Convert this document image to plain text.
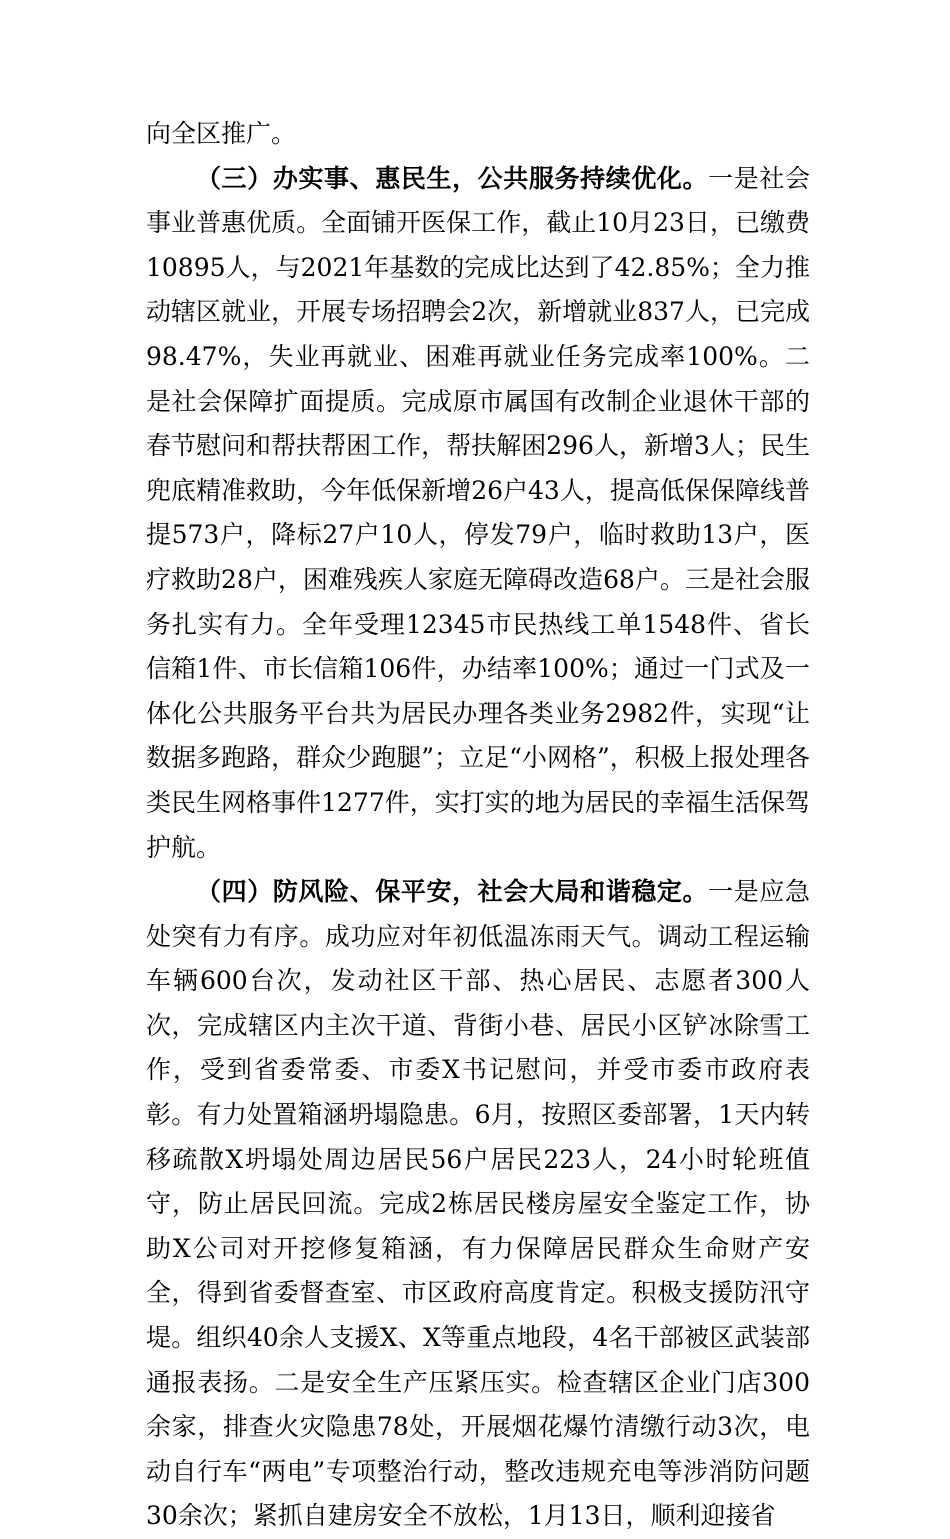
向全区推广。

（三）办实事、惠民生，公共服务持续优化。一是社会事业普惠优质。全面铺开医保工作，截止10月23日，已缴费10895人，与2021年基数的完成比达到了42.85%；全力推动辖区就业，开展专场招聘会2次，新增就业837人，已完成98.47%，失业再就业、困难再就业任务完成率100%。二是社会保障扩面提质。完成原市属国有改制企业退休干部的春节慰问和帮扶帮困工作，帮扶解困296人，新增3人；民生兜底精准救助，今年低保新增26户43人，提高低保保障线普提573户，降标27户10人，停发79户，临时救助13户，医疗救助28户，困难残疾人家庭无障碍改造68户。三是社会服务扎实有力。全年受理12345市民热线工单1548件、省长信箱1件、市长信箱106件，办结率100%；通过一门式及一体化公共服务平台共为居民办理各类业务2982件，实现“让数据多跑路，群众少跑腿”；立足“小网格”，积极上报处理各类民生网格事件1277件，实打实的地为居民的幸福生活保驾护航。

（四）防风险、保平安，社会大局和谐稳定。一是应急处突有力有序。成功应对年初低温冻雨天气。调动工程运输车辆600台次，发动社区干部、热心居民、志愿者300人次，完成辖区内主次干道、背街小巷、居民小区铲冰除雪工作，受到省委常委、市委X书记慰问，并受市委市政府表彰。有力处置箱涵坍塌隐患。6月，按照区委部署，1天内转移疏散X坍塌处周边居民56户居民223人，24小时轮班值守，防止居民回流。完成2栋居民楼房屋安全鉴定工作，协助X公司对开挖修复箱涵，有力保障居民群众生命财产安全，得到省委督查室、市区政府高度肯定。积极支援防汛守堤。组织40余人支援X、X等重点地段，4名干部被区武装部通报表扬。二是安全生产压紧压实。检查辖区企业门店300余家，排查火灾隐患78处，开展烟花爆竹清缴行动3次，电动自行车“两电”专项整治行动，整改违规充电等涉消防问题30余次；紧抓自建房安全不放松，1月13日，顺利迎接省
